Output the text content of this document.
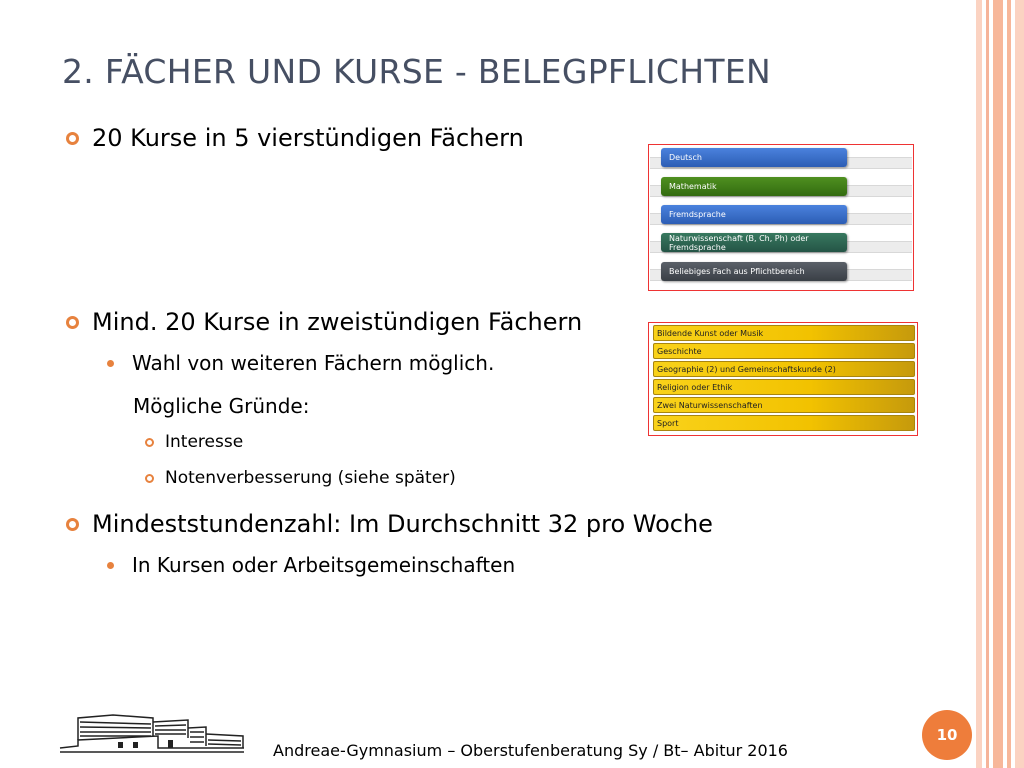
2. FÄCHER UND KURSE - BELEGPFLICHTEN
20 Kurse in 5 vierstündigen Fächern
Mind. 20 Kurse in zweistündigen Fächern
Wahl von weiteren Fächern möglich.
Mögliche Gründe:
Interesse
Notenverbesserung (siehe später)
Mindeststundenzahl: Im Durchschnitt 32 pro Woche
In Kursen oder Arbeitsgemeinschaften
Deutsch
Mathematik
Fremdsprache
Naturwissenschaft (B, Ch, Ph) oder Fremdsprache
Beliebiges Fach aus Pflichtbereich
Bildende Kunst oder Musik
Geschichte
Geographie (2) und Gemeinschaftskunde (2)
Religion oder Ethik
Zwei Naturwissenschaften
Sport
Andreae-Gymnasium – Oberstufenberatung Sy / Bt– Abitur 2016
10
